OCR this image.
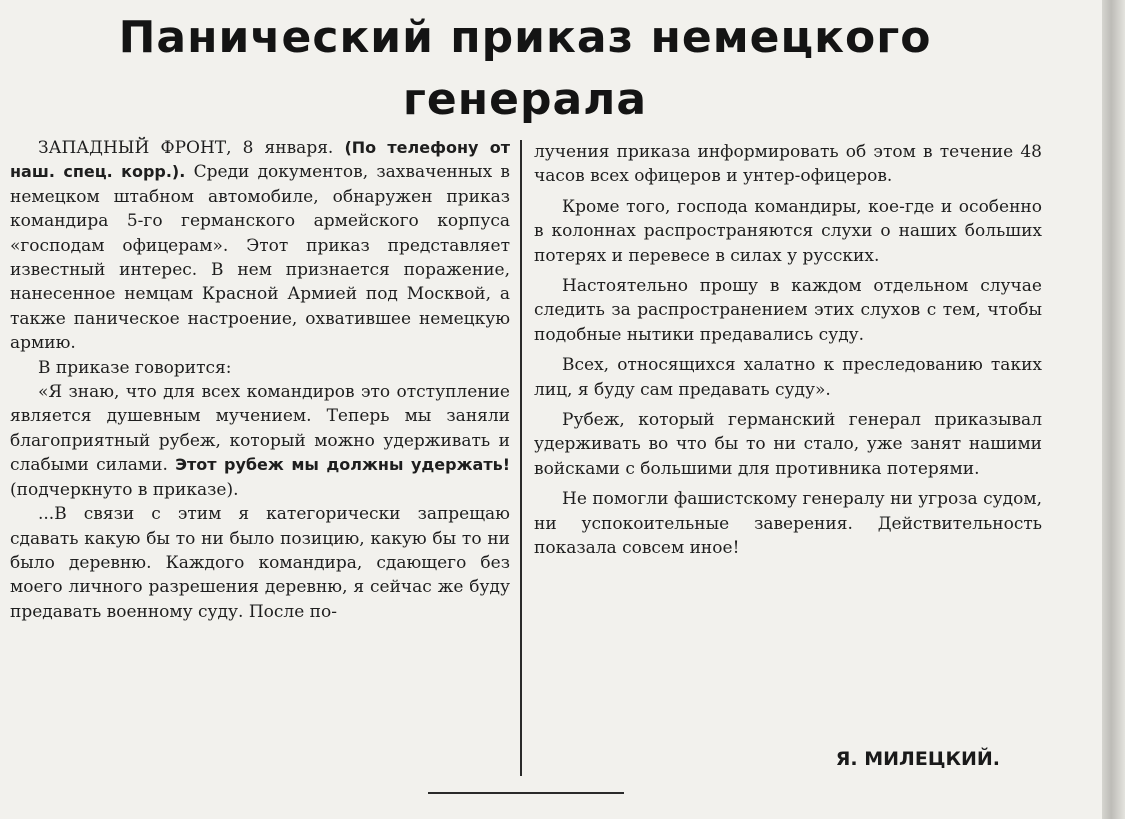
Панический приказ немецкого
генерала

ЗАПАДНЫЙ ФРОНТ, 8 января. (По телефону от наш. спец. корр.). Среди документов, захваченных в немецком штабном автомобиле, обнаружен приказ командира 5-го германского армейского корпуса «господам офицерам». Этот приказ представляет известный интерес. В нем признается поражение, нанесенное немцам Красной Армией под Москвой, а также паническое настроение, охватившее немецкую армию.

В приказе говорится:

«Я знаю, что для всех командиров это отступление является душевным мучением. Теперь мы заняли благоприятный рубеж, который можно удерживать и слабыми силами. Этот рубеж мы должны удержать! (подчеркнуто в приказе).

...В связи с этим я категорически запрещаю сдавать какую бы то ни было позицию, какую бы то ни было деревню. Каждого командира, сдающего без моего личного разрешения деревню, я сейчас же буду предавать военному суду. После по-

лучения приказа информировать об этом в течение 48 часов всех офицеров и унтер-офицеров.

Кроме того, господа командиры, кое-где и особенно в колоннах распространяются слухи о наших больших потерях и перевесе в силах у русских.

Настоятельно прошу в каждом отдельном случае следить за распространением этих слухов с тем, чтобы подобные нытики предавались суду.

Всех, относящихся халатно к преследованию таких лиц, я буду сам предавать суду».

Рубеж, который германский генерал приказывал удерживать во что бы то ни стало, уже занят нашими войсками с большими для противника потерями.

Не помогли фашистскому генералу ни угроза судом, ни успокоительные заверения. Действительность показала совсем иное!

Я. МИЛЕЦКИЙ.
